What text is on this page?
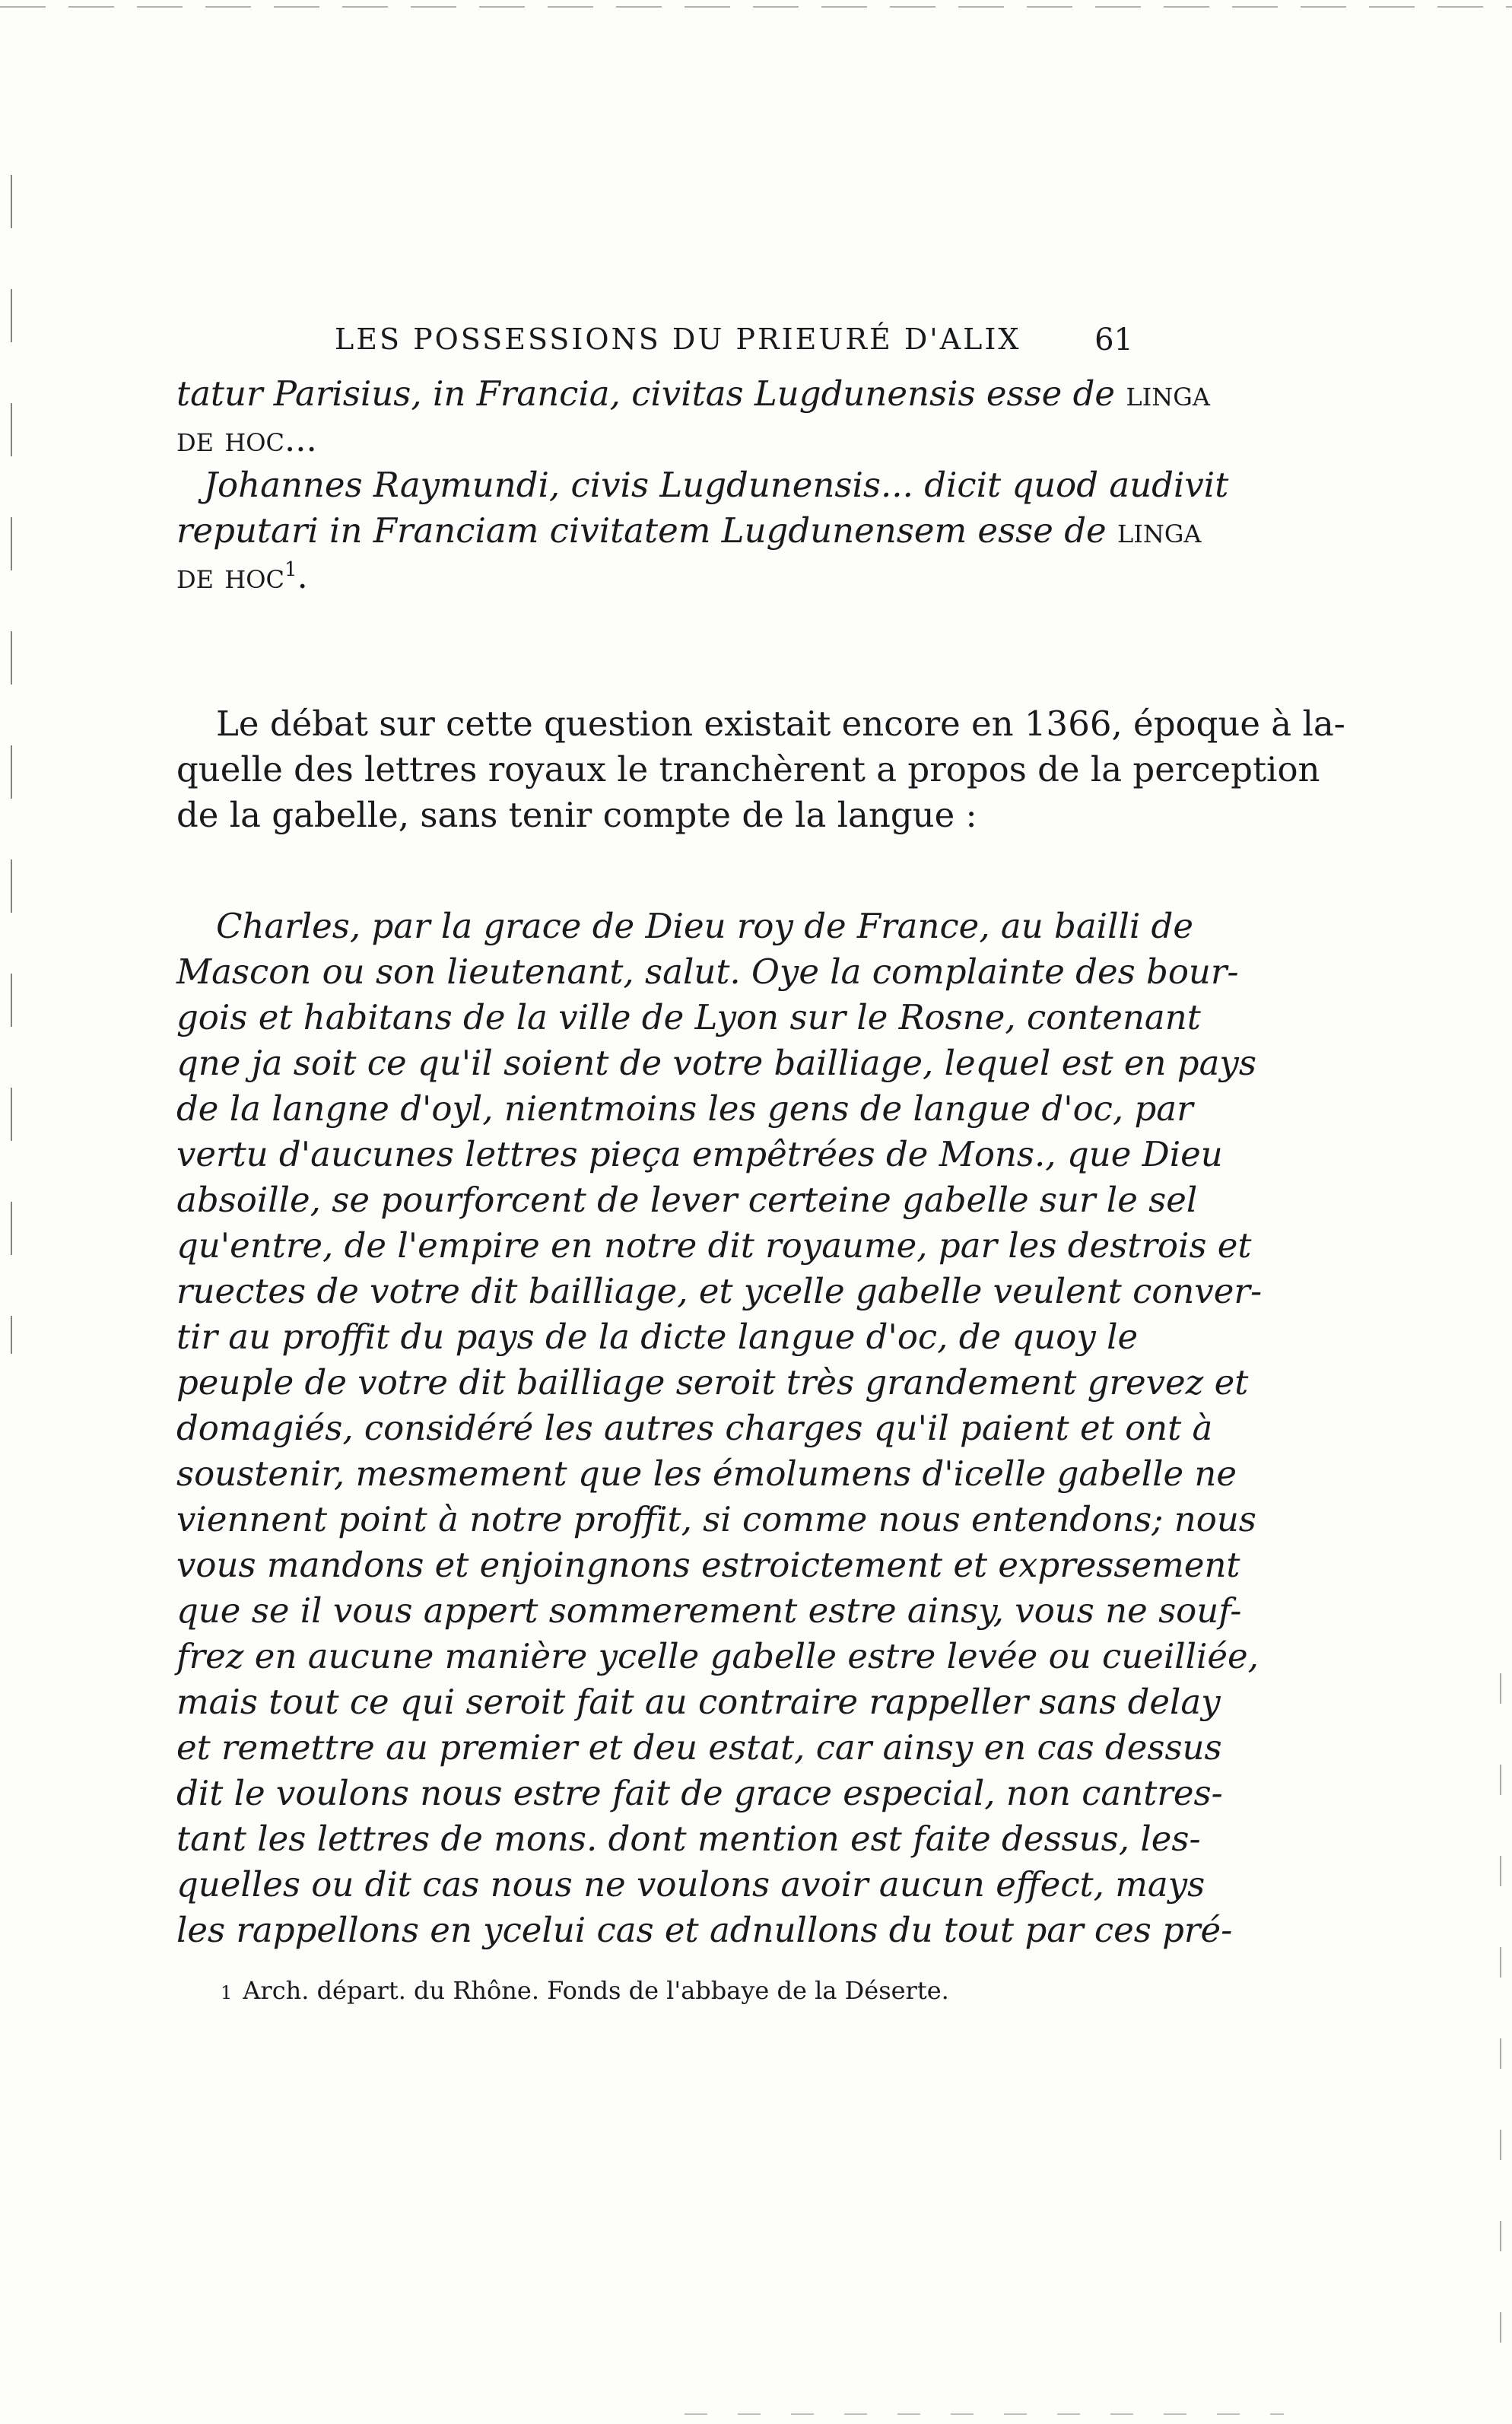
LES POSSESSIONS DU PRIEURÉ D'ALIX 61
tatur Parisius, in Francia, civitas Lugdunensis esse de linga
de hoc...
Johannes Raymundi, civis Lugdunensis... dicit quod audivit
reputari in Franciam civitatem Lugdunensem esse de linga
de hoc$^1$.
Le débat sur cette question existait encore en 1366, époque à la-
quelle des lettres royaux le tranchèrent a propos de la perception
de la gabelle, sans tenir compte de la langue :
Charles, par la grace de Dieu roy de France, au bailli de
Mascon ou son lieutenant, salut. Oye la complainte des bour-
gois et habitans de la ville de Lyon sur le Rosne, contenant
qne ja soit ce qu'il soient de votre bailliage, lequel est en pays
de la langne d'oyl, nientmoins les gens de langue d'oc, par
vertu d'aucunes lettres pieça empêtrées de Mons., que Dieu
absoille, se pourforcent de lever certeine gabelle sur le sel
qu'entre, de l'empire en notre dit royaume, par les destrois et
ruectes de votre dit bailliage, et ycelle gabelle veulent conver-
tir au proffit du pays de la dicte langue d'oc, de quoy le
peuple de votre dit bailliage seroit très grandement grevez et
domagiés, considéré les autres charges qu'il paient et ont à
soustenir, mesmement que les émolumens d'icelle gabelle ne
viennent point à notre proffit, si comme nous entendons; nous
vous mandons et enjoingnons estroictement et expressement
que se il vous appert sommerement estre ainsy, vous ne souf-
frez en aucune manière ycelle gabelle estre levée ou cueilliée,
mais tout ce qui seroit fait au contraire rappeller sans delay
et remettre au premier et deu estat, car ainsy en cas dessus
dit le voulons nous estre fait de grace especial, non cantres-
tant les lettres de mons. dont mention est faite dessus, les-
quelles ou dit cas nous ne voulons avoir aucun effect, mays
les rappellons en ycelui cas et adnullons du tout par ces pré-
1 Arch. départ. du Rhône. Fonds de l'abbaye de la Déserte.
